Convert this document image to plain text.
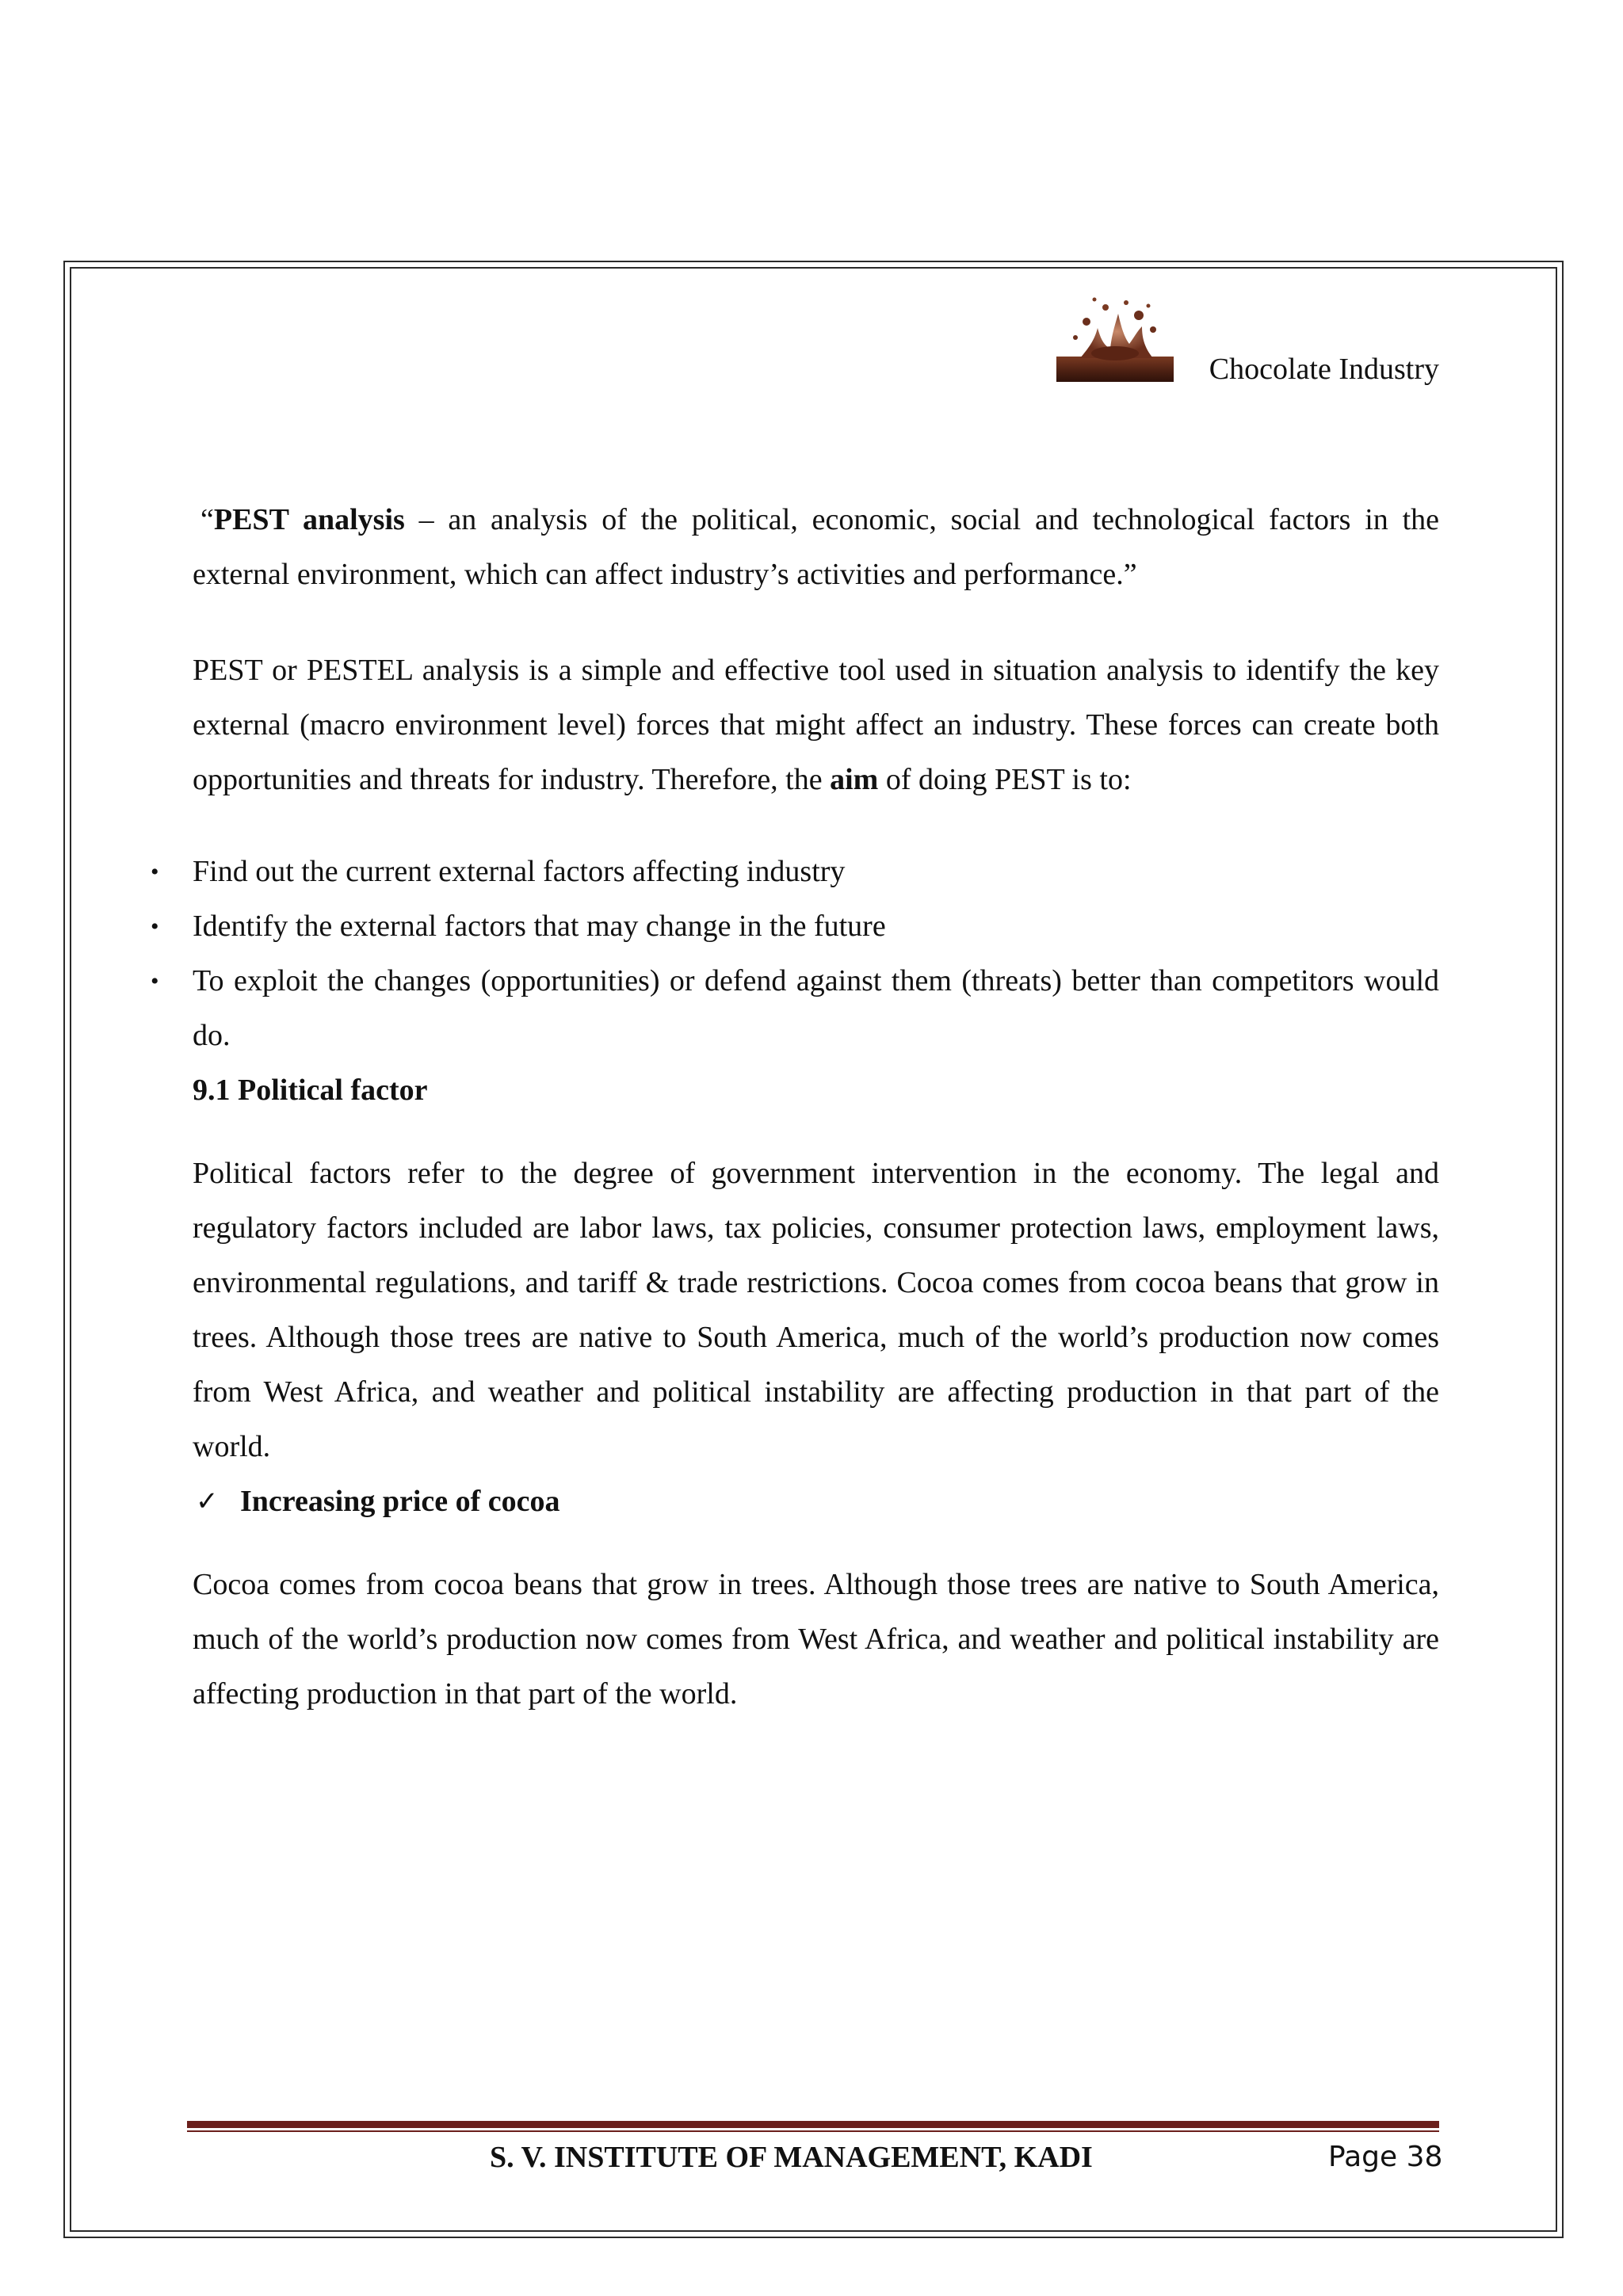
Chocolate Industry

“PEST analysis – an analysis of the political, economic, social and technological factors in the external environment, which can affect industry’s activities and performance.”

PEST or PESTEL analysis is a simple and effective tool used in situation analysis to identify the key external (macro environment level) forces that might affect an industry. These forces can create both opportunities and threats for industry. Therefore, the aim of doing PEST is to:

• Find out the current external factors affecting industry
• Identify the external factors that may change in the future
• To exploit the changes (opportunities) or defend against them (threats) better than competitors would do.

9.1 Political factor

Political factors refer to the degree of government intervention in the economy. The legal and regulatory factors included are labor laws, tax policies, consumer protection laws, employment laws, environmental regulations, and tariff & trade restrictions. Cocoa comes from cocoa beans that grow in trees. Although those trees are native to South America, much of the world’s production now comes from West Africa, and weather and political instability are affecting production in that part of the world.

✓ Increasing price of cocoa

Cocoa comes from cocoa beans that grow in trees. Although those trees are native to South America, much of the world’s production now comes from West Africa, and weather and political instability are affecting production in that part of the world.

S. V. INSTITUTE OF MANAGEMENT, KADI	Page 38
